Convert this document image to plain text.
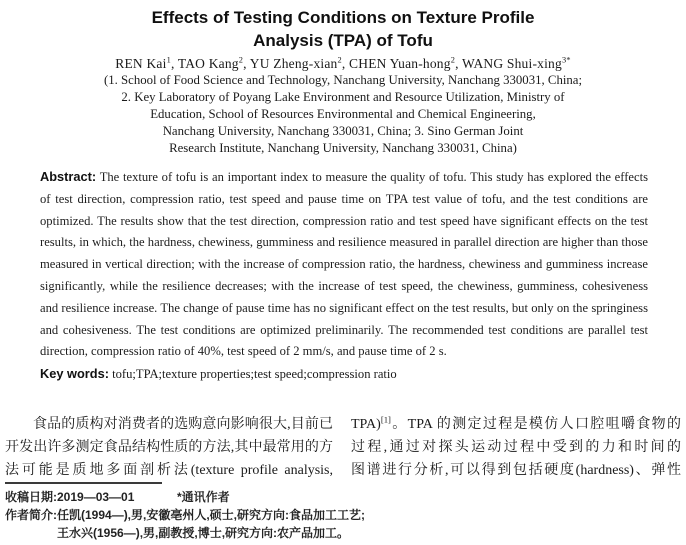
Effects of Testing Conditions on Texture Profile
Analysis (TPA) of Tofu
REN Kai$^1$, TAO Kang$^2$, YU Zheng-xian$^2$, CHEN Yuan-hong$^2$, WANG Shui-xing$^{3*}$
(1. School of Food Science and Technology, Nanchang University, Nanchang 330031, China;
2. Key Laboratory of Poyang Lake Environment and Resource Utilization, Ministry of
Education, School of Resources Environmental and Chemical Engineering,
Nanchang University, Nanchang 330031, China; 3. Sino German Joint
Research Institute, Nanchang University, Nanchang 330031, China)

Abstract: The texture of tofu is an important index to measure the quality of tofu. This study has explored the effects of test direction, compression ratio, test speed and pause time on TPA test value of tofu, and the test conditions are optimized. The results show that the test direction, compression ratio and test speed have significant effects on the test results, in which, the hardness, chewiness, gumminess and resilience measured in parallel direction are higher than those measured in vertical direction; with the increase of compression ratio, the hardness, chewiness and gumminess increase significantly, while the resilience decreases; with the increase of test speed, the chewiness, gumminess, cohesiveness and resilience increase. The change of pause time has no significant effect on the test results, but only on the springiness and cohesiveness. The test conditions are optimized preliminarily. The recommended test conditions are parallel test direction, compression ratio of 40%, test speed of 2 mm/s, and pause time of 2 s.

Key words: tofu;TPA;texture properties;test speed;compression ratio

食品的质构对消费者的选购意向影响很大,目前已
开发出许多测定食品结构性质的方法,其中最常用的方
法可能是质地多面剖析法(texture profile analysis,
TPA)[1]。TPA 的测定过程是模仿人口腔咀嚼食物的
过程,通过对探头运动过程中受到的力和时间的
图谱进行分析,可以得到包括硬度(hardness)、弹性
收稿日期:2019—03—01	*通讯作者
作者简介:任凯(1994—),男,安徽亳州人,硕士,研究方向:食品加工工艺;
王水兴(1956—),男,副教授,博士,研究方向:农产品加工。
